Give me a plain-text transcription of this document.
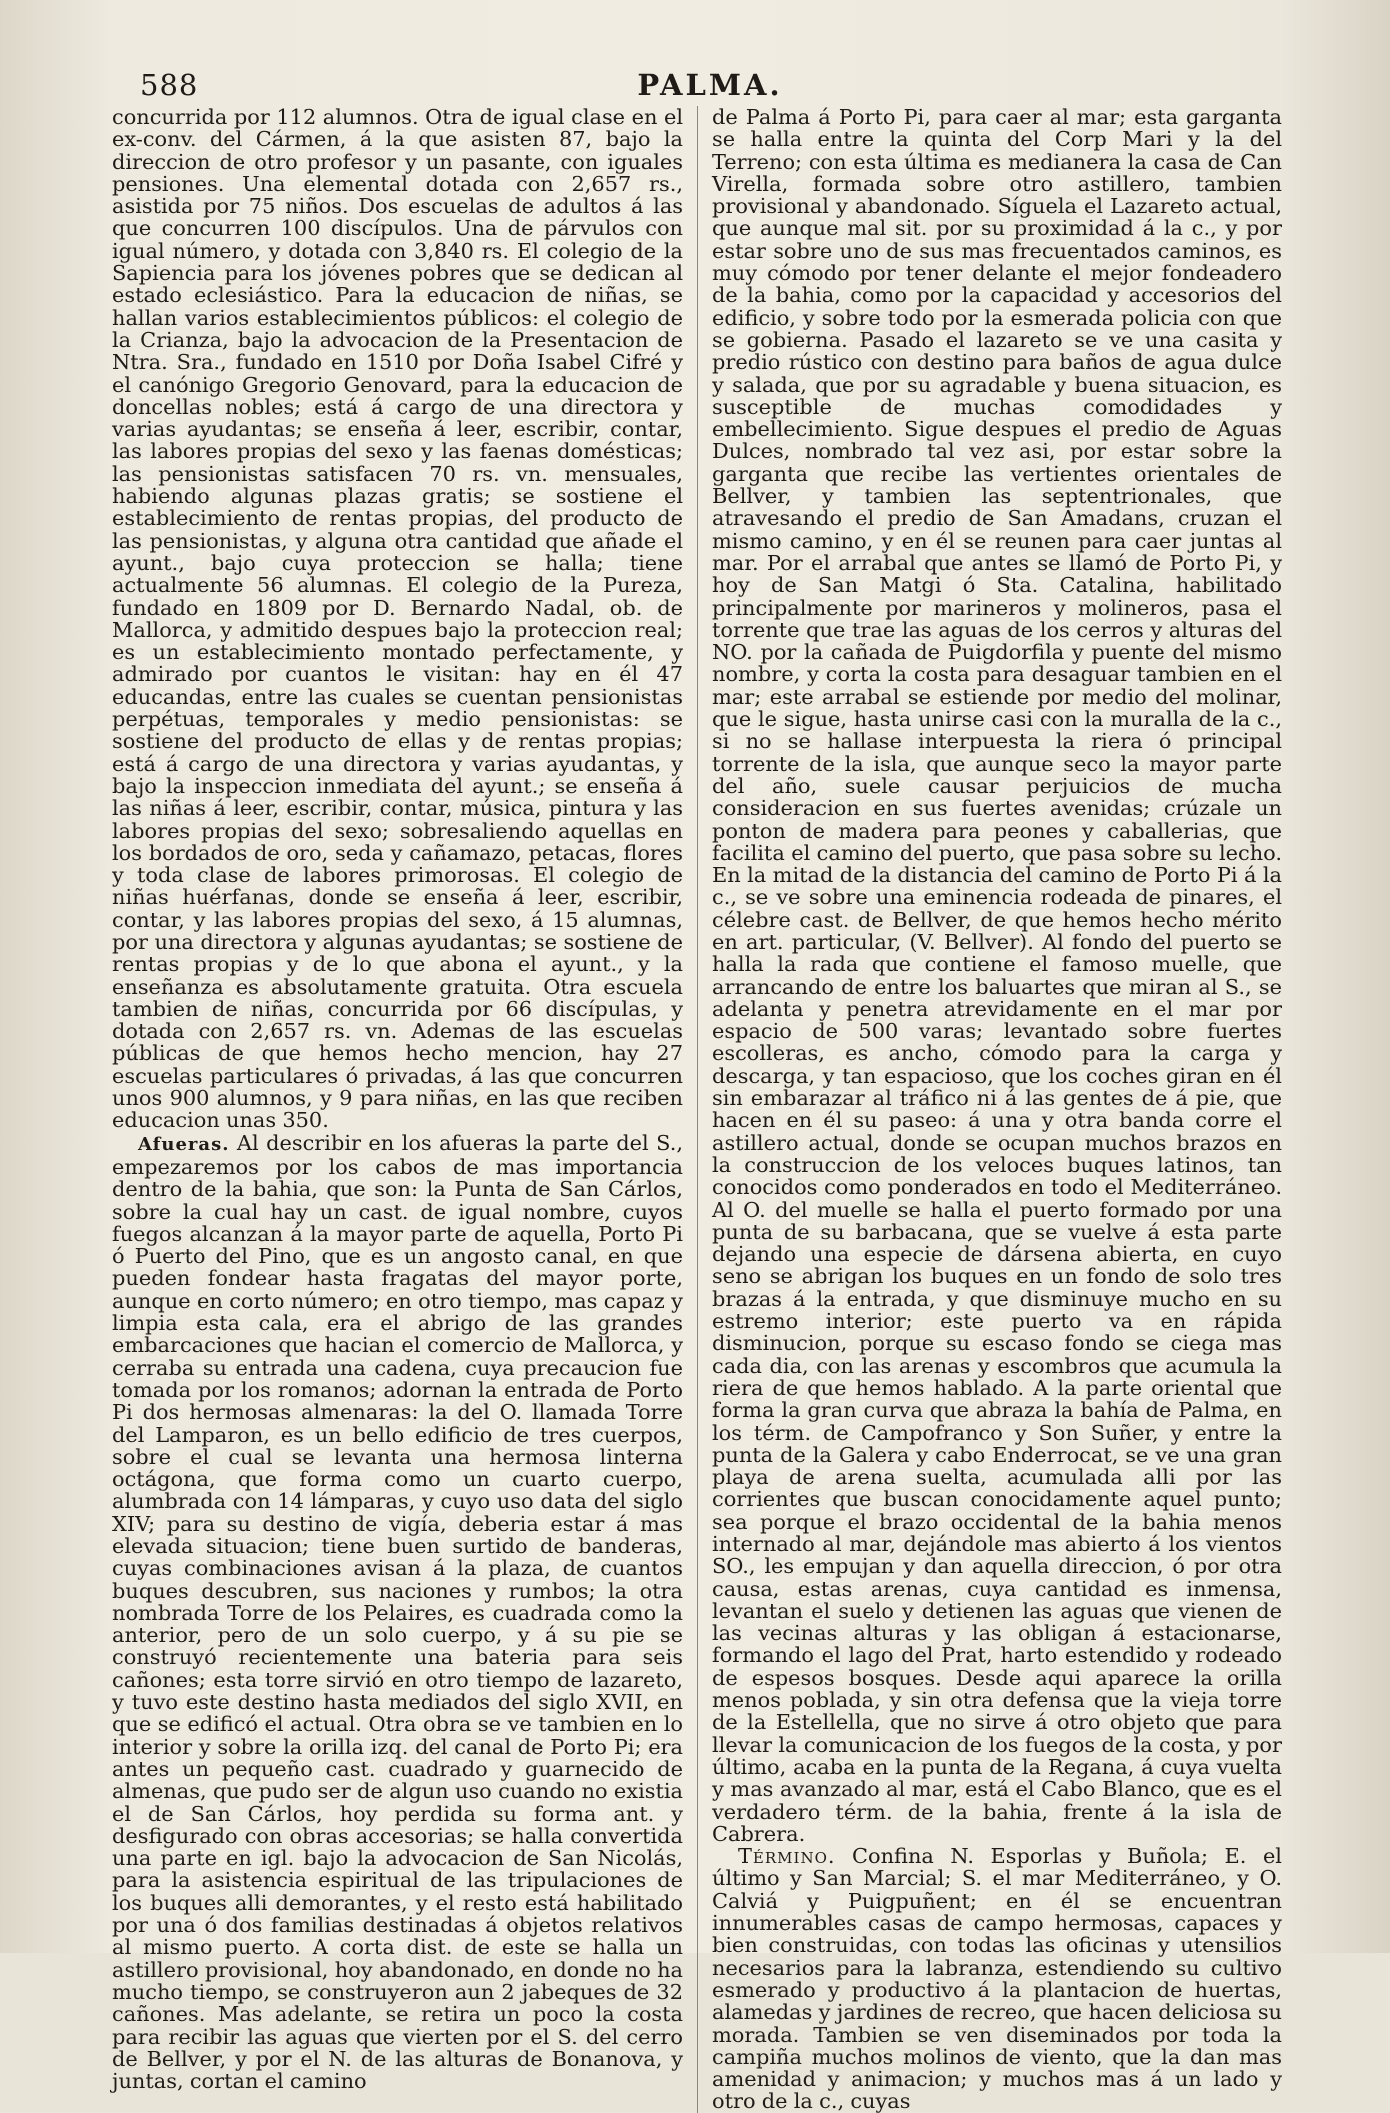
588	PALMA.

concurrida por 112 alumnos. Otra de igual clase en el ex-conv. del Cármen, á la que asisten 87, bajo la direccion de otro profesor y un pasante, con iguales pensiones. Una elemental dotada con 2,657 rs., asistida por 75 niños. Dos escuelas de adultos á las que concurren 100 discípulos. Una de párvulos con igual número, y dotada con 3,840 rs. El colegio de la Sapiencia para los jóvenes pobres que se dedican al estado eclesiástico. Para la educacion de niñas, se hallan varios establecimientos públicos: el colegio de la Crianza, bajo la advocacion de la Presentacion de Ntra. Sra., fundado en 1510 por Doña Isabel Cifré y el canónigo Gregorio Genovard, para la educacion de doncellas nobles; está á cargo de una directora y varias ayudantas; se enseña á leer, escribir, contar, las labores propias del sexo y las faenas domésticas; las pensionistas satisfacen 70 rs. vn. mensuales, habiendo algunas plazas gratis; se sostiene el establecimiento de rentas propias, del producto de las pensionistas, y alguna otra cantidad que añade el ayunt., bajo cuya proteccion se halla; tiene actualmente 56 alumnas. El colegio de la Pureza, fundado en 1809 por D. Bernardo Nadal, ob. de Mallorca, y admitido despues bajo la proteccion real; es un establecimiento montado perfectamente, y admirado por cuantos le visitan: hay en él 47 educandas, entre las cuales se cuentan pensionistas perpétuas, temporales y medio pensionistas: se sostiene del producto de ellas y de rentas propias; está á cargo de una directora y varias ayudantas, y bajo la inspeccion inmediata del ayunt.; se enseña á las niñas á leer, escribir, contar, música, pintura y las labores propias del sexo; sobresaliendo aquellas en los bordados de oro, seda y cañamazo, petacas, flores y toda clase de labores primorosas. El colegio de niñas huérfanas, donde se enseña á leer, escribir, contar, y las labores propias del sexo, á 15 alumnas, por una directora y algunas ayudantas; se sostiene de rentas propias y de lo que abona el ayunt., y la enseñanza es absolutamente gratuita. Otra escuela tambien de niñas, concurrida por 66 discípulas, y dotada con 2,657 rs. vn. Ademas de las escuelas públicas de que hemos hecho mencion, hay 27 escuelas particulares ó privadas, á las que concurren unos 900 alumnos, y 9 para niñas, en las que reciben educacion unas 350.

Afueras. Al describir en los afueras la parte del S., empezaremos por los cabos de mas importancia dentro de la bahia, que son: la Punta de San Cárlos, sobre la cual hay un cast. de igual nombre, cuyos fuegos alcanzan á la mayor parte de aquella, Porto Pi ó Puerto del Pino, que es un angosto canal, en que pueden fondear hasta fragatas del mayor porte, aunque en corto número; en otro tiempo, mas capaz y limpia esta cala, era el abrigo de las grandes embarcaciones que hacian el comercio de Mallorca, y cerraba su entrada una cadena, cuya precaucion fue tomada por los romanos; adornan la entrada de Porto Pi dos hermosas almenaras: la del O. llamada Torre del Lamparon, es un bello edificio de tres cuerpos, sobre el cual se levanta una hermosa linterna octágona, que forma como un cuarto cuerpo, alumbrada con 14 lámparas, y cuyo uso data del siglo XIV; para su destino de vigía, deberia estar á mas elevada situacion; tiene buen surtido de banderas, cuyas combinaciones avisan á la plaza, de cuantos buques descubren, sus naciones y rumbos; la otra nombrada Torre de los Pelaires, es cuadrada como la anterior, pero de un solo cuerpo, y á su pie se construyó recientemente una bateria para seis cañones; esta torre sirvió en otro tiempo de lazareto, y tuvo este destino hasta mediados del siglo XVII, en que se edificó el actual. Otra obra se ve tambien en lo interior y sobre la orilla izq. del canal de Porto Pi; era antes un pequeño cast. cuadrado y guarnecido de almenas, que pudo ser de algun uso cuando no existia el de San Cárlos, hoy perdida su forma ant. y desfigurado con obras accesorias; se halla convertida una parte en igl. bajo la advocacion de San Nicolás, para la asistencia espiritual de las tripulaciones de los buques alli demorantes, y el resto está habilitado por una ó dos familias destinadas á objetos relativos al mismo puerto. A corta dist. de este se halla un astillero provisional, hoy abandonado, en donde no ha mucho tiempo, se construyeron aun 2 jabeques de 32 cañones. Mas adelante, se retira un poco la costa para recibir las aguas que vierten por el S. del cerro de Bellver, y por el N. de las alturas de Bonanova, y juntas, cortan el camino

de Palma á Porto Pi, para caer al mar; esta garganta se halla entre la quinta del Corp Mari y la del Terreno; con esta última es medianera la casa de Can Virella, formada sobre otro astillero, tambien provisional y abandonado. Síguela el Lazareto actual, que aunque mal sit. por su proximidad á la c., y por estar sobre uno de sus mas frecuentados caminos, es muy cómodo por tener delante el mejor fondeadero de la bahia, como por la capacidad y accesorios del edificio, y sobre todo por la esmerada policia con que se gobierna. Pasado el lazareto se ve una casita y predio rústico con destino para baños de agua dulce y salada, que por su agradable y buena situacion, es susceptible de muchas comodidades y embellecimiento. Sigue despues el predio de Aguas Dulces, nombrado tal vez asi, por estar sobre la garganta que recibe las vertientes orientales de Bellver, y tambien las septentrionales, que atravesando el predio de San Amadans, cruzan el mismo camino, y en él se reunen para caer juntas al mar. Por el arrabal que antes se llamó de Porto Pi, y hoy de San Matgi ó Sta. Catalina, habilitado principalmente por marineros y molineros, pasa el torrente que trae las aguas de los cerros y alturas del NO. por la cañada de Puigdorfila y puente del mismo nombre, y corta la costa para desaguar tambien en el mar; este arrabal se estiende por medio del molinar, que le sigue, hasta unirse casi con la muralla de la c., si no se hallase interpuesta la riera ó principal torrente de la isla, que aunque seco la mayor parte del año, suele causar perjuicios de mucha consideracion en sus fuertes avenidas; crúzale un ponton de madera para peones y caballerias, que facilita el camino del puerto, que pasa sobre su lecho. En la mitad de la distancia del camino de Porto Pi á la c., se ve sobre una eminencia rodeada de pinares, el célebre cast. de Bellver, de que hemos hecho mérito en art. particular, (V. Bellver). Al fondo del puerto se halla la rada que contiene el famoso muelle, que arrancando de entre los baluartes que miran al S., se adelanta y penetra atrevidamente en el mar por espacio de 500 varas; levantado sobre fuertes escolleras, es ancho, cómodo para la carga y descarga, y tan espacioso, que los coches giran en él sin embarazar al tráfico ni á las gentes de á pie, que hacen en él su paseo: á una y otra banda corre el astillero actual, donde se ocupan muchos brazos en la construccion de los veloces buques latinos, tan conocidos como ponderados en todo el Mediterráneo. Al O. del muelle se halla el puerto formado por una punta de su barbacana, que se vuelve á esta parte dejando una especie de dársena abierta, en cuyo seno se abrigan los buques en un fondo de solo tres brazas á la entrada, y que disminuye mucho en su estremo interior; este puerto va en rápida disminucion, porque su escaso fondo se ciega mas cada dia, con las arenas y escombros que acumula la riera de que hemos hablado. A la parte oriental que forma la gran curva que abraza la bahía de Palma, en los térm. de Campofranco y Son Suñer, y entre la punta de la Galera y cabo Enderrocat, se ve una gran playa de arena suelta, acumulada alli por las corrientes que buscan conocidamente aquel punto; sea porque el brazo occidental de la bahia menos internado al mar, dejándole mas abierto á los vientos SO., les empujan y dan aquella direccion, ó por otra causa, estas arenas, cuya cantidad es inmensa, levantan el suelo y detienen las aguas que vienen de las vecinas alturas y las obligan á estacionarse, formando el lago del Prat, harto estendido y rodeado de espesos bosques. Desde aqui aparece la orilla menos poblada, y sin otra defensa que la vieja torre de la Estellella, que no sirve á otro objeto que para llevar la comunicacion de los fuegos de la costa, y por último, acaba en la punta de la Regana, á cuya vuelta y mas avanzado al mar, está el Cabo Blanco, que es el verdadero térm. de la bahia, frente á la isla de Cabrera.

Término. Confina N. Esporlas y Buñola; E. el último y San Marcial; S. el mar Mediterráneo, y O. Calviá y Puigpuñent; en él se encuentran innumerables casas de campo hermosas, capaces y bien construidas, con todas las oficinas y utensilios necesarios para la labranza, estendiendo su cultivo esmerado y productivo á la plantacion de huertas, alamedas y jardines de recreo, que hacen deliciosa su morada. Tambien se ven diseminados por toda la campiña muchos molinos de viento, que la dan mas amenidad y animacion; y muchos mas á un lado y otro de la c., cuyas
